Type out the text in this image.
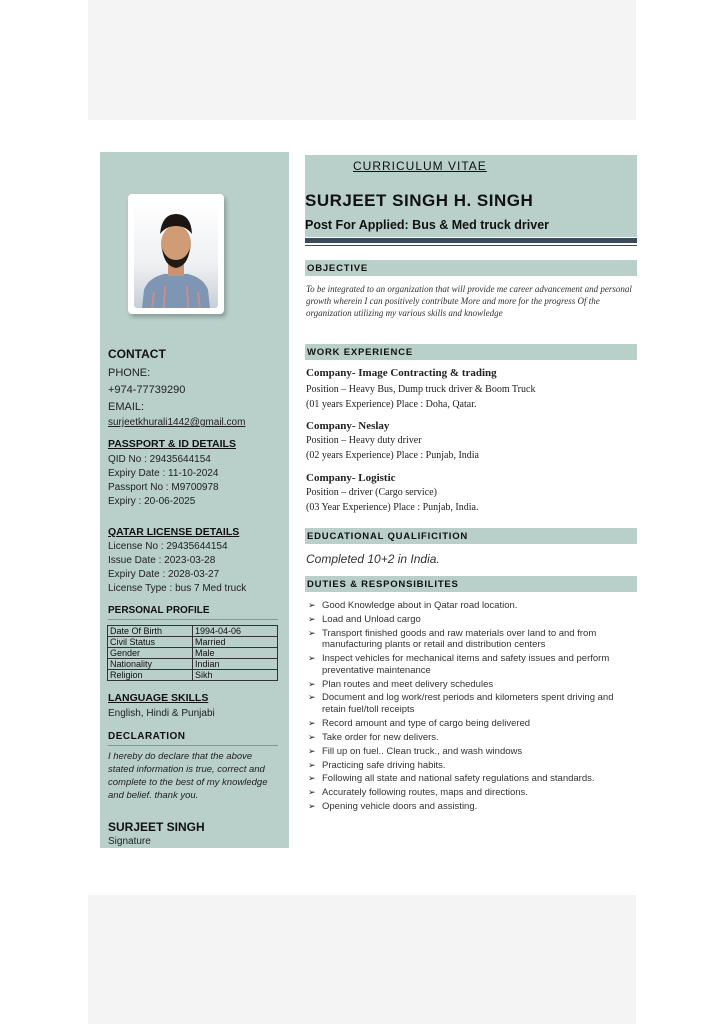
CONTACT

PHONE:

+974-77739290

EMAIL:

surjeetkhurali1442@gmail.com

PASSPORT & ID DETAILS

QID No : 29435644154

Expiry Date : 11-10-2024

Passport No : M9700978

Expiry : 20-06-2025

QATAR LICENSE DETAILS

License No : 29435644154

Issue Date : 2023-03-28

Expiry Date : 2028-03-27

License Type : bus 7 Med truck

PERSONAL PROFILE

Date Of Birth	1994-04-06
Civil Status	Married
Gender	Male
Nationality	Indian
Religion	Sikh

LANGUAGE SKILLS

English, Hindi & Punjabi

DECLARATION

I hereby do declare that the above stated information is true, correct and complete to the best of my knowledge and belief. thank you.

SURJEET SINGH

Signature

CURRICULUM VITAE

SURJEET SINGH H. SINGH

Post For Applied: Bus & Med truck driver

OBJECTIVE

To be integrated to an organization that will provide me career advancement and personal growth wherein I can positively contribute More and more for the progress Of the organization utilizing my various skills and knowledge

WORK EXPERIENCE

Company- Image Contracting & trading

Position – Heavy Bus, Dump truck driver & Boom Truck

(01 years Experience) Place : Doha, Qatar.

Company- Neslay

Position – Heavy duty driver

(02 years Experience) Place : Punjab, India

Company- Logistic

Position – driver (Cargo service)

(03 Year Experience) Place : Punjab, India.

EDUCATIONAL QUALIFICITION

Completed 10+2 in India.

DUTIES & RESPONSIBILITES
➢ Good Knowledge about in Qatar road location.
➢ Load and Unload cargo
➢ Transport finished goods and raw materials over land to and from manufacturing plants or retail and distribution centers
➢ Inspect vehicles for mechanical items and safety issues and perform preventative maintenance
➢ Plan routes and meet delivery schedules
➢ Document and log work/rest periods and kilometers spent driving and retain fuel/toll receipts
➢ Record amount and type of cargo being delivered
➢ Take order for new delivers.
➢ Fill up on fuel.. Clean truck., and wash windows
➢ Practicing safe driving habits.
➢ Following all state and national safety regulations and standards.
➢ Accurately following routes, maps and directions.
➢ Opening vehicle doors and assisting.
